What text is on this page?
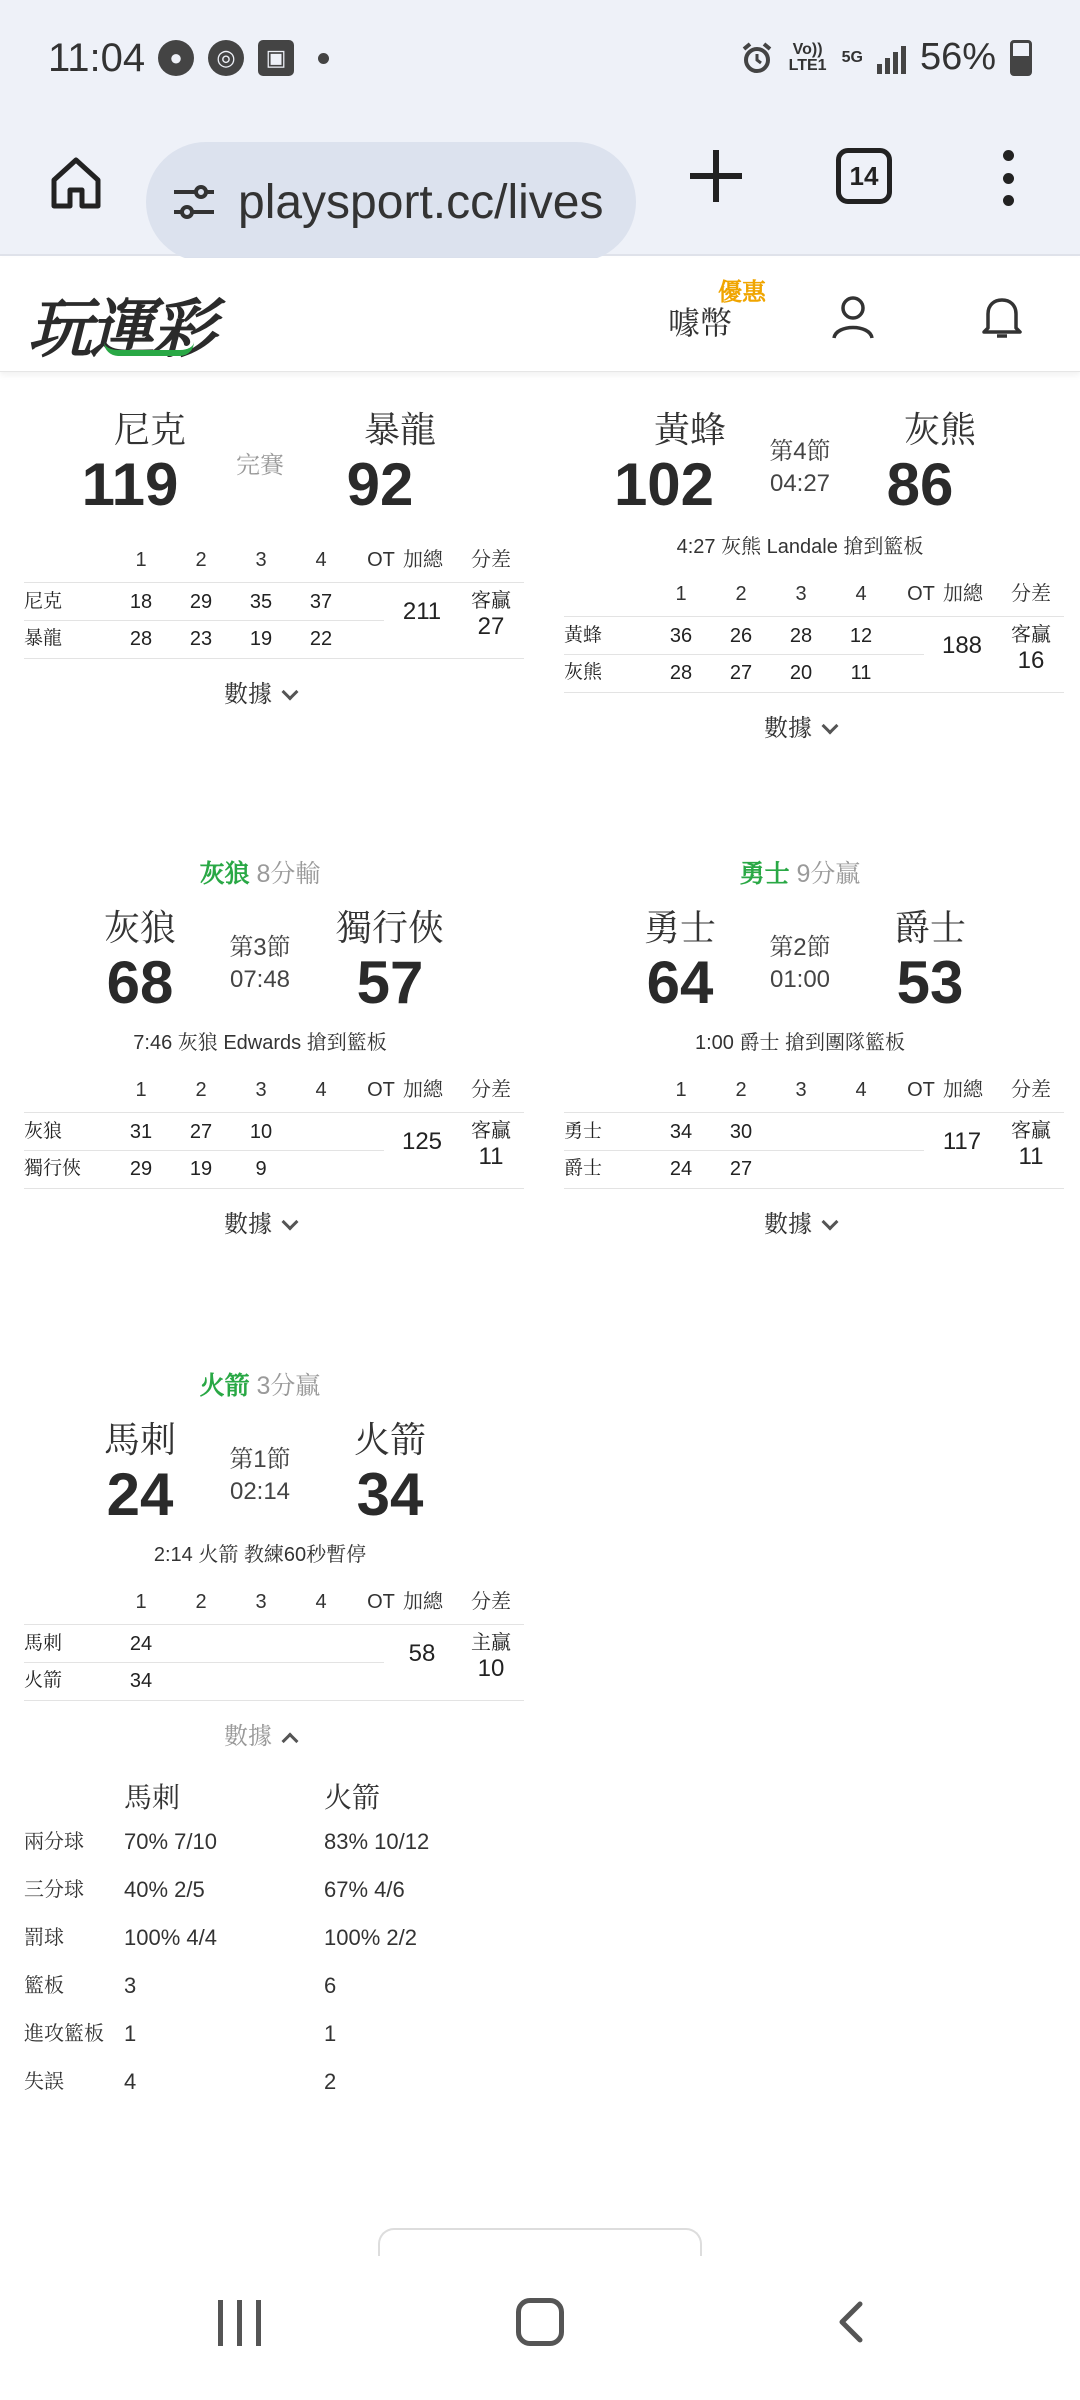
11:04	●	◎	▣	Vo)) LTE1 5G 56%
playsport.cc/lives	14
玩運彩
優惠
噱幣
尼克	暴龍
119	92
完賽
1	2	3	4	OT 加總 分差
尼克	18	29	35	37
暴龍	28	23	19	22
211	客贏
27
數據
黃蜂	灰熊
102	86
第4節
04:27
4:27 灰熊 Landale 搶到籃板
1	2	3	4	OT 加總 分差
黃蜂	36	26	28	12
灰熊	28	27	20	11
188	客贏
16
數據
灰狼 8分輸
灰狼	獨行俠
68	57
第3節
07:48
7:46 灰狼 Edwards 搶到籃板
1	2	3	4	OT 加總 分差
灰狼	31	27	10
獨行俠	29	19	9
125	客贏
11
數據
勇士 9分贏
勇士	爵士
64	53
第2節
01:00
1:00 爵士 搶到團隊籃板
1	2	3	4	OT 加總 分差
勇士	34	30
爵士	24	27
117	客贏
11
數據
火箭 3分贏
馬刺	火箭
24	34
第1節
02:14
2:14 火箭 教練60秒暫停
1	2	3	4	OT 加總 分差
馬刺	24
火箭	34
58	主贏
10
數據
馬刺	火箭
兩分球 70% 7/10	83% 10/12
三分球 40% 2/5	67% 4/6
罰球	100% 4/4	100% 2/2
籃板	3	6
進攻籃板 1	1
失誤	4	2
